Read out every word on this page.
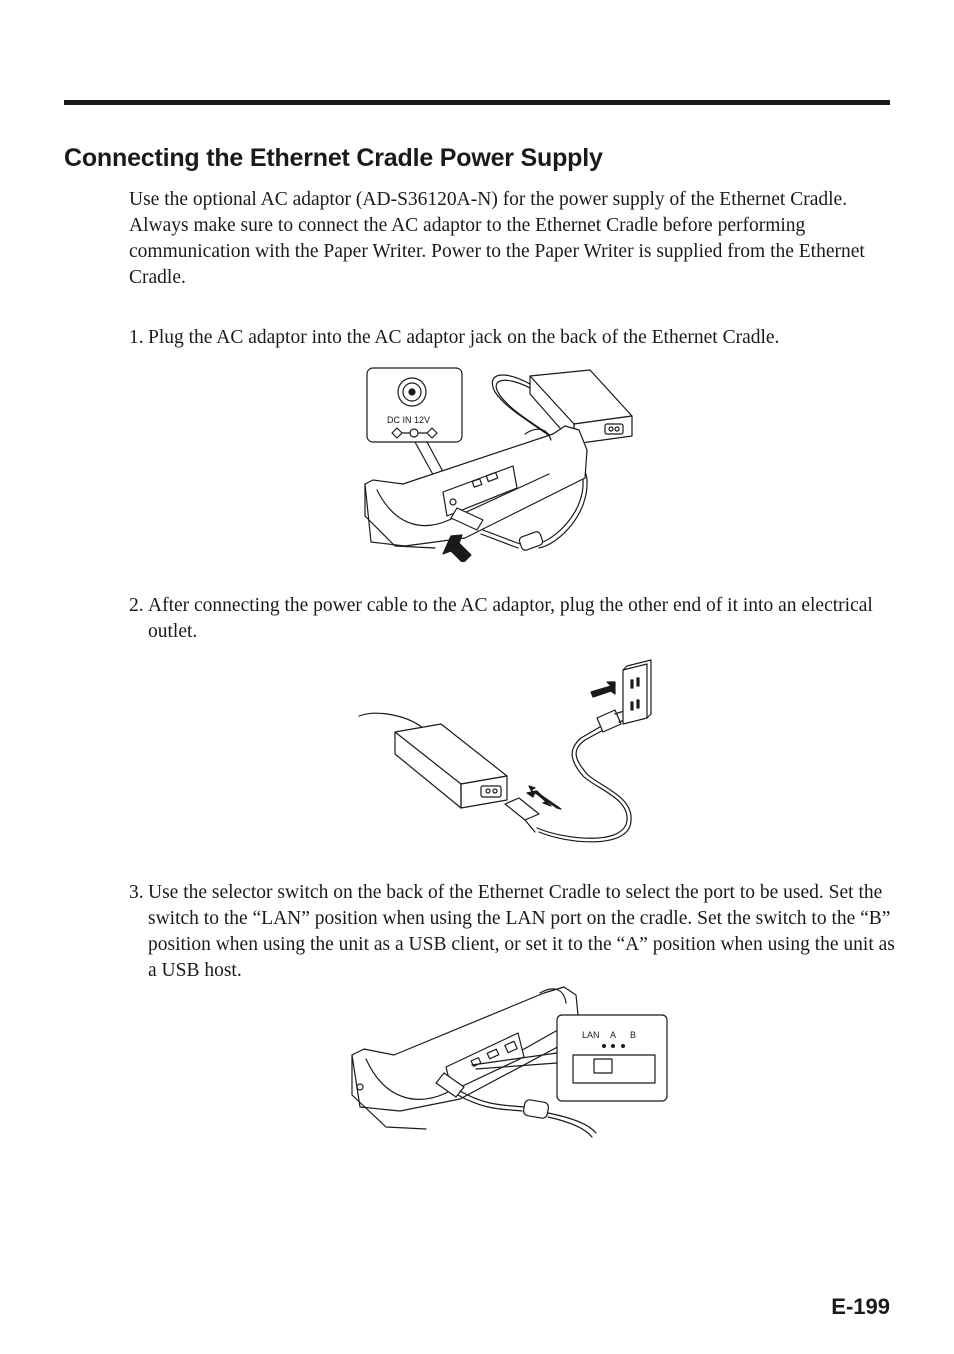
Connecting the Ethernet Cradle Power Supply

Use the optional AC adaptor (AD-S36120A-N) for the power supply of the Ethernet Cradle. Always make sure to connect the AC adaptor to the Ethernet Cradle before performing communication with the Paper Writer. Power to the Paper Writer is supplied from the Ethernet Cradle.

1. Plug the AC adaptor into the AC adaptor jack on the back of the Ethernet Cradle.
DC IN 12V
2. After connecting the power cable to the AC adaptor, plug the other end of it into an electrical outlet.
3. Use the selector switch on the back of the Ethernet Cradle to select the port to be used. Set the switch to the “LAN” position when using the LAN port on the cradle. Set the switch to the “B” position when using the unit as a USB client, or set it to the “A” position when using the unit as a USB host.
LAN A B

E-199
